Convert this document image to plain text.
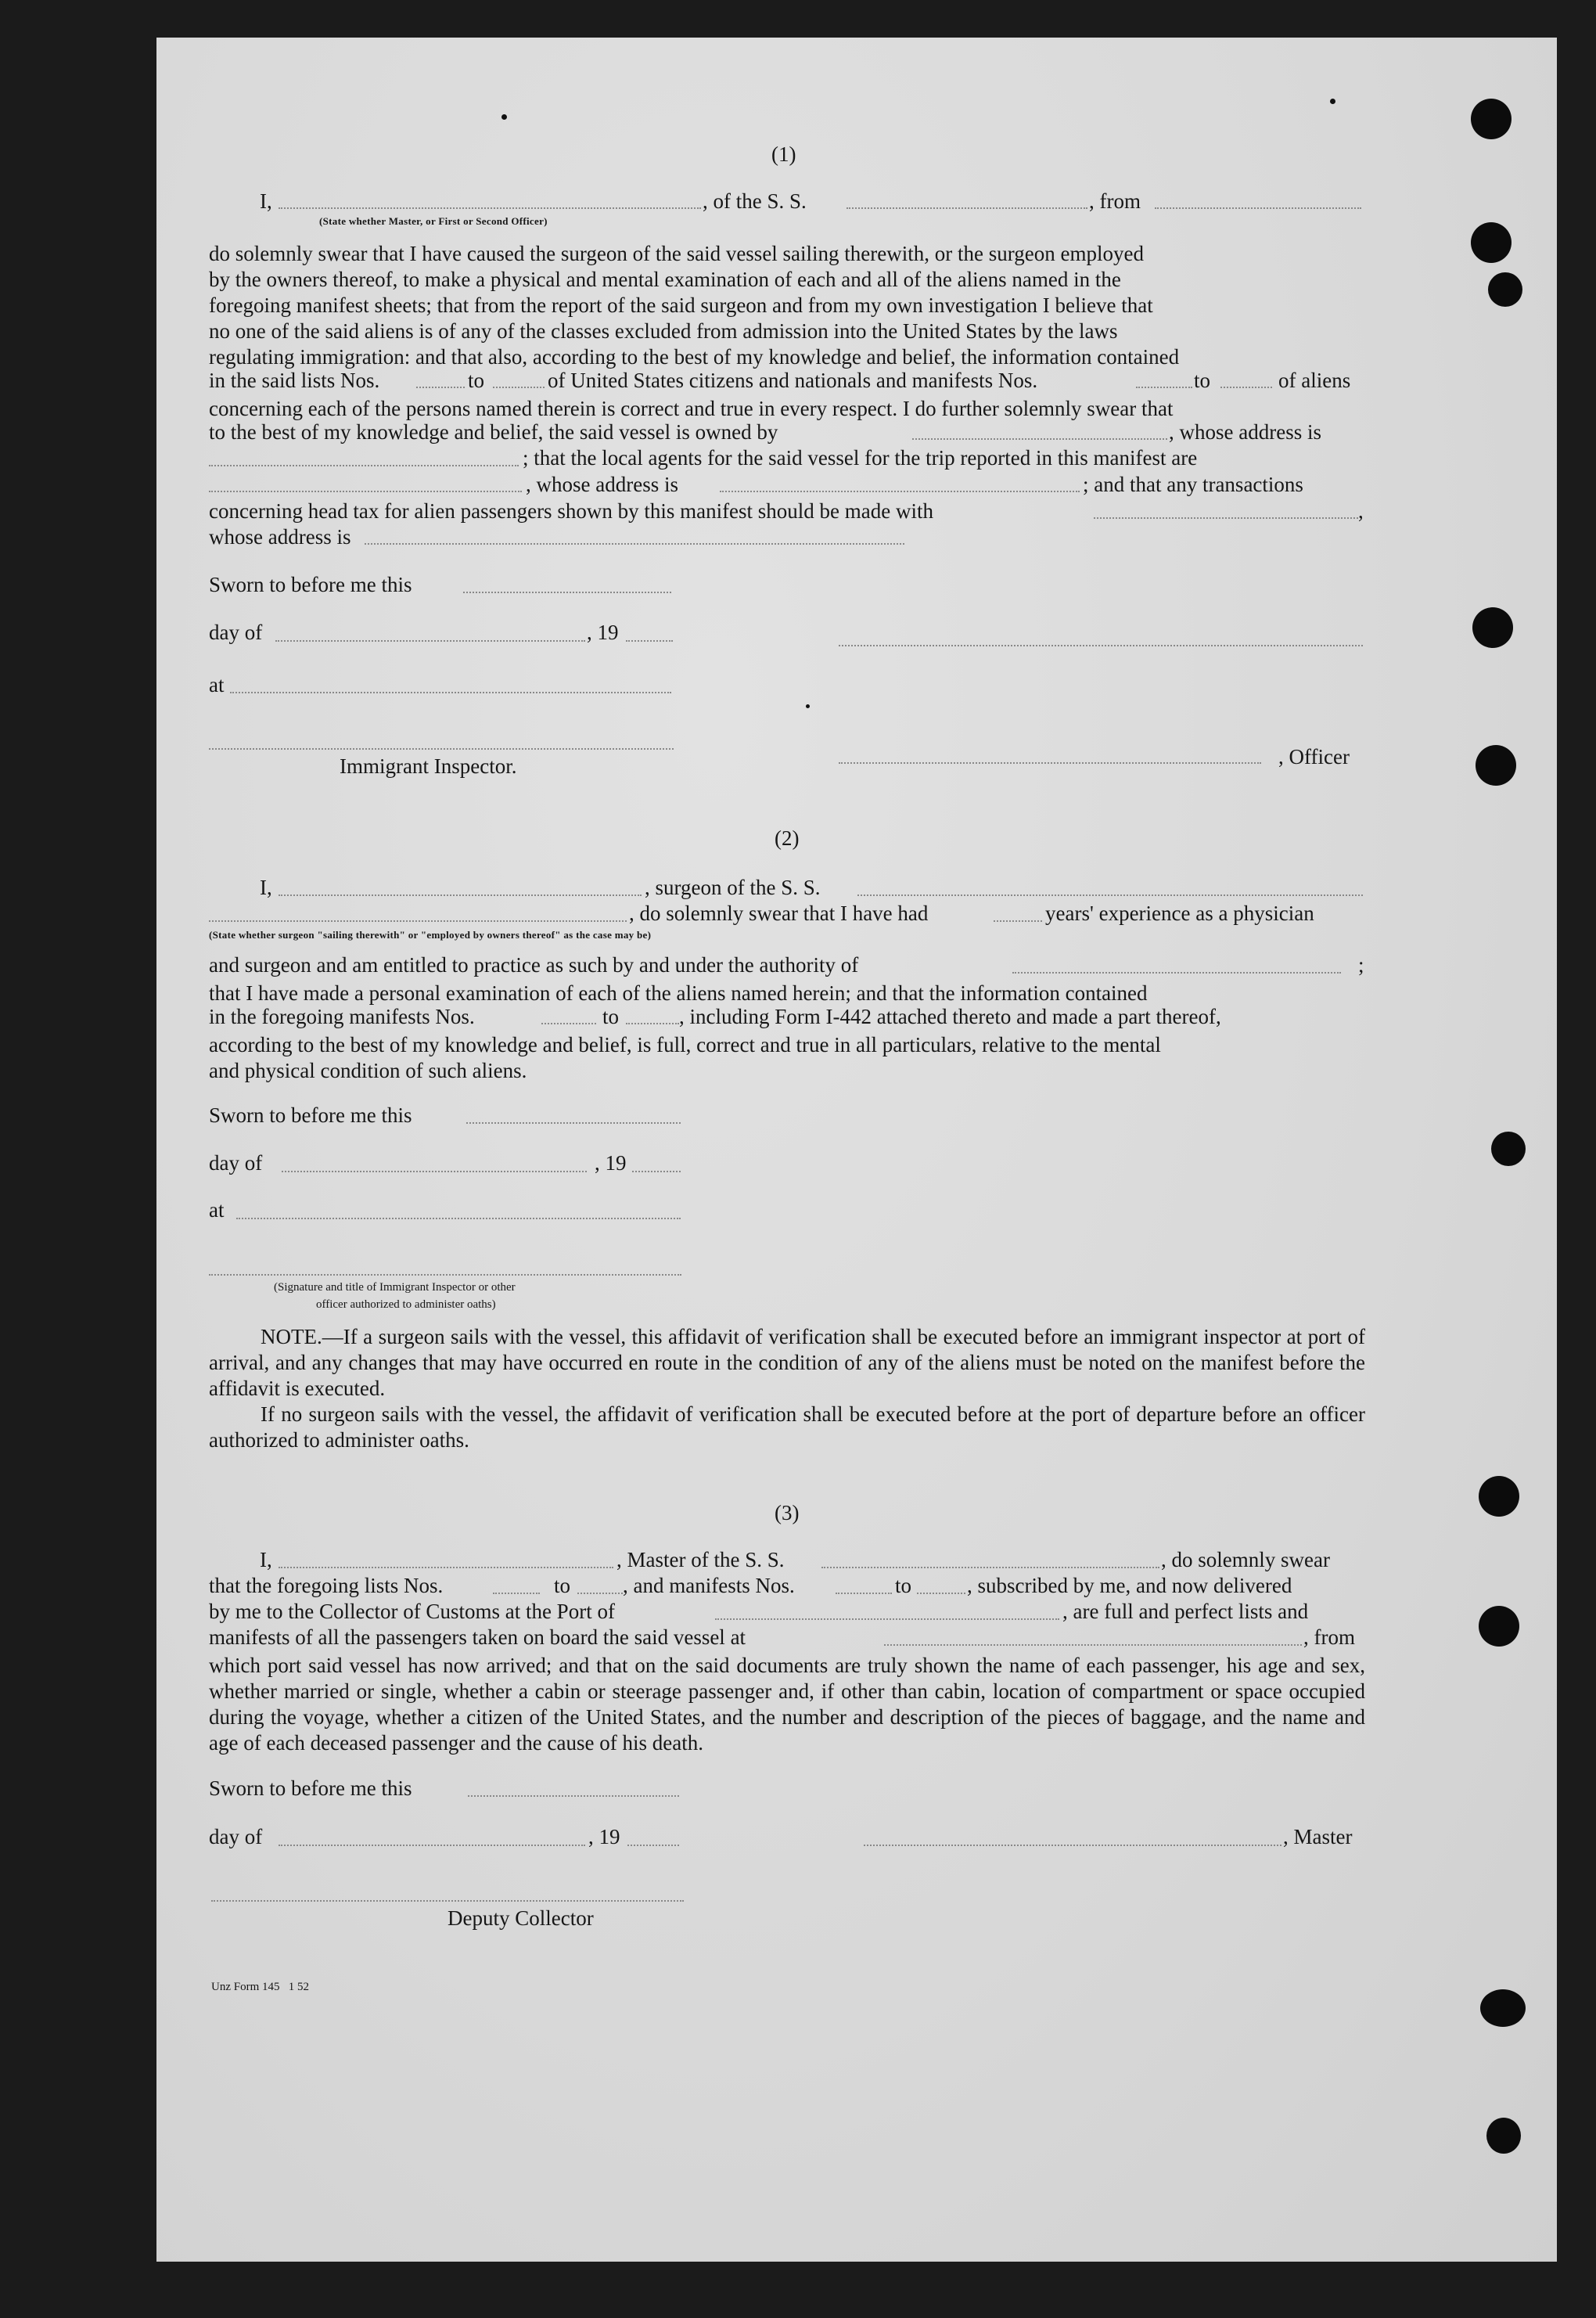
(1)
I,	, of the S. S.	, from
(State whether Master, or First or Second Officer)
do solemnly swear that I have caused the surgeon of the said vessel sailing therewith, or the surgeon employed
by the owners thereof, to make a physical and mental examination of each and all of the aliens named in the
foregoing manifest sheets; that from the report of the said surgeon and from my own investigation I believe that
no one of the said aliens is of any of the classes excluded from admission into the United States by the laws
regulating immigration: and that also, according to the best of my knowledge and belief, the information contained
in the said lists Nos.	to	of United States citizens and nationals and manifests Nos.	to	of aliens
concerning each of the persons named therein is correct and true in every respect. I do further solemnly swear that
to the best of my knowledge and belief, the said vessel is owned by	, whose address is
; that the local agents for the said vessel for the trip reported in this manifest are
, whose address is	; and that any transactions
concerning head tax for alien passengers shown by this manifest should be made with	,
whose address is
Sworn to before me this
day of	, 19
at
Immigrant Inspector.	, Officer
(2)
I,	, surgeon of the S. S.
, do solemnly swear that I have had	years' experience as a physician
(State whether surgeon "sailing therewith" or "employed by owners thereof" as the case may be)
and surgeon and am entitled to practice as such by and under the authority of	;
that I have made a personal examination of each of the aliens named herein; and that the information contained
in the foregoing manifests Nos.	to	, including Form I-442 attached thereto and made a part thereof,
according to the best of my knowledge and belief, is full, correct and true in all particulars, relative to the mental
and physical condition of such aliens.
Sworn to before me this
day of	, 19
at
(Signature and title of Immigrant Inspector or other
officer authorized to administer oaths)
NOTE.—If a surgeon sails with the vessel, this affidavit of verification shall be executed before an immigrant inspector at port of arrival, and any changes that may have occurred en route in the condition of any of the aliens must be noted on the manifest before the affidavit is executed.
If no surgeon sails with the vessel, the affidavit of verification shall be executed before at the port of departure before an officer authorized to administer oaths.
(3)
I,	, Master of the S. S.	, do solemnly swear
that the foregoing lists Nos.	to , and manifests Nos.	to	, subscribed by me, and now delivered
by me to the Collector of Customs at the Port of	, are full and perfect lists and
manifests of all the passengers taken on board the said vessel at	, from
which port said vessel has now arrived; and that on the said documents are truly shown the name of each passenger, his age and sex, whether married or single, whether a cabin or steerage passenger and, if other than cabin, location of compartment or space occupied during the voyage, whether a citizen of the United States, and the number and description of the pieces of baggage, and the name and age of each deceased passenger and the cause of his death.
Sworn to before me this
day of	, 19	, Master
Deputy Collector
Unz Form 145   1 52
